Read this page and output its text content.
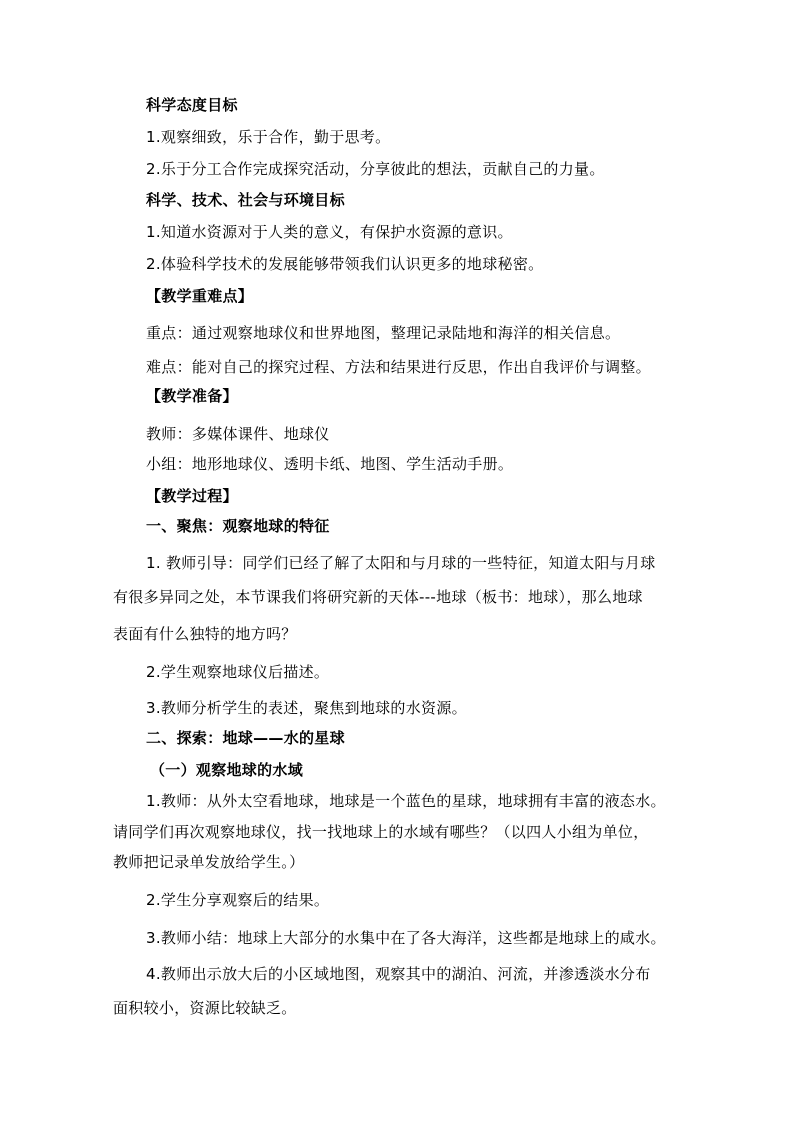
科学态度目标
1.观察细致，乐于合作，勤于思考。
2.乐于分工合作完成探究活动，分享彼此的想法，贡献自己的力量。
科学、技术、社会与环境目标
1.知道水资源对于人类的意义，有保护水资源的意识。
2.体验科学技术的发展能够带领我们认识更多的地球秘密。
【教学重难点】
重点：通过观察地球仪和世界地图，整理记录陆地和海洋的相关信息。
难点：能对自己的探究过程、方法和结果进行反思，作出自我评价与调整。
【教学准备】
教师：多媒体课件、地球仪
小组：地形地球仪、透明卡纸、地图、学生活动手册。
【教学过程】
一、聚焦：观察地球的特征
1. 教师引导：同学们已经了解了太阳和与月球的一些特征，知道太阳与月球
有很多异同之处，本节课我们将研究新的天体---地球（板书：地球），那么地球
表面有什么独特的地方吗？
2.学生观察地球仪后描述。
3.教师分析学生的表述，聚焦到地球的水资源。
二、探索：地球——水的星球
（一）观察地球的水域
1.教师：从外太空看地球，地球是一个蓝色的星球，地球拥有丰富的液态水。
请同学们再次观察地球仪，找一找地球上的水域有哪些？（以四人小组为单位，
教师把记录单发放给学生。）
2.学生分享观察后的结果。
3.教师小结：地球上大部分的水集中在了各大海洋，这些都是地球上的咸水。
4.教师出示放大后的小区域地图，观察其中的湖泊、河流，并渗透淡水分布
面积较小，资源比较缺乏。
